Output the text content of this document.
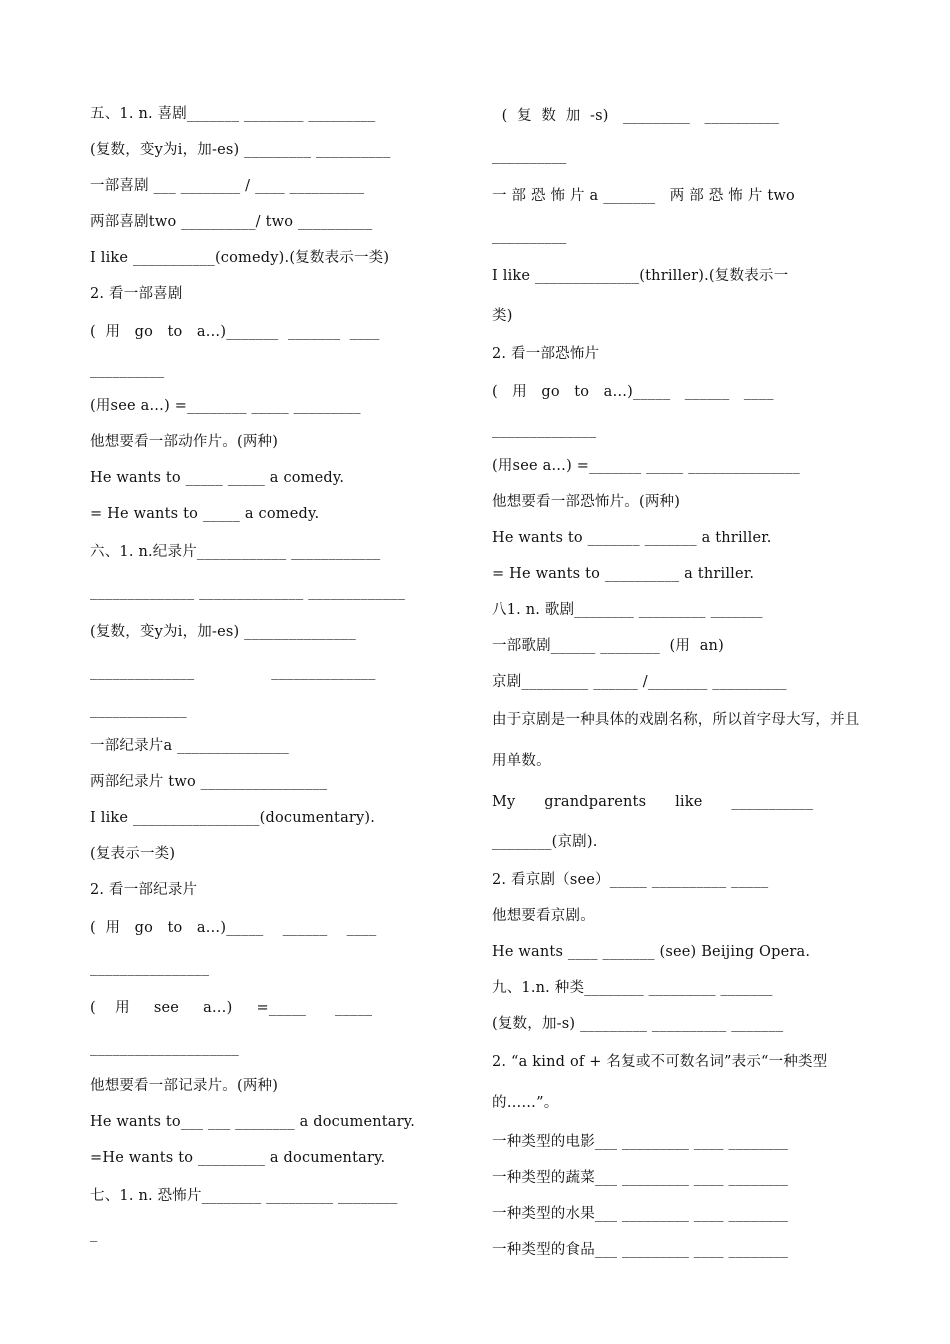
五、1. n. 喜剧_______ ________ _________
(复数，变y为i，加-es) _________ __________
一部喜剧 ___ ________ / ____ __________
两部喜剧two __________/ two __________
I like ___________(comedy).(复数表示一类)
2. 看一部喜剧
(  用   go   to   a…)_______  _______  ____
__________
(用see a…) =________ _____ _________
他想要看一部动作片。(两种)
He wants to _____ _____ a comedy.
= He wants to _____ a comedy.
六、1. n.纪录片____________ ____________
______________ ______________ _____________
(复数，变y为i，加-es) _______________
______________                ______________
_____________
一部纪录片a _______________
两部纪录片 two _________________
I like _________________(documentary).
(复表示一类)
2. 看一部纪录片
(  用   go   to   a…)_____    ______    ____
________________
(    用     see     a…)     =_____      _____
____________________
他想要看一部记录片。(两种)
He wants to___ ___ ________ a documentary.
=He wants to _________ a documentary.
七、1. n. 恐怖片________ _________ ________
_
(  复  数  加  -s)   _________   __________
__________
一 部 恐 怖 片 a _______   两 部 恐 怖 片 two
__________
I like ______________(thriller).(复数表示一
类)
2. 看一部恐怖片
(   用   go   to   a…)_____   ______   ____
______________
(用see a…) =_______ _____ _______________
他想要看一部恐怖片。(两种)
He wants to _______ _______ a thriller.
= He wants to __________ a thriller.
八1. n. 歌剧________ _________ _______
一部歌剧______ ________  (用  an)
京剧_________ ______ /________ __________
由于京剧是一种具体的戏剧名称，所以首字母大写，并且用单数。
My      grandparents      like      ___________
________(京剧).
2. 看京剧（see）_____ __________ _____
他想要看京剧。
He wants ____ _______ (see) Beijing Opera.
九、1.n. 种类________ _________ _______
(复数，加-s) _________ __________ _______
2. “a kind of + 名复或不可数名词”表示“一种类型的……”。
一种类型的电影___ _________ ____ ________
一种类型的蔬菜___ _________ ____ ________
一种类型的水果___ _________ ____ ________
一种类型的食品___ _________ ____ ________
